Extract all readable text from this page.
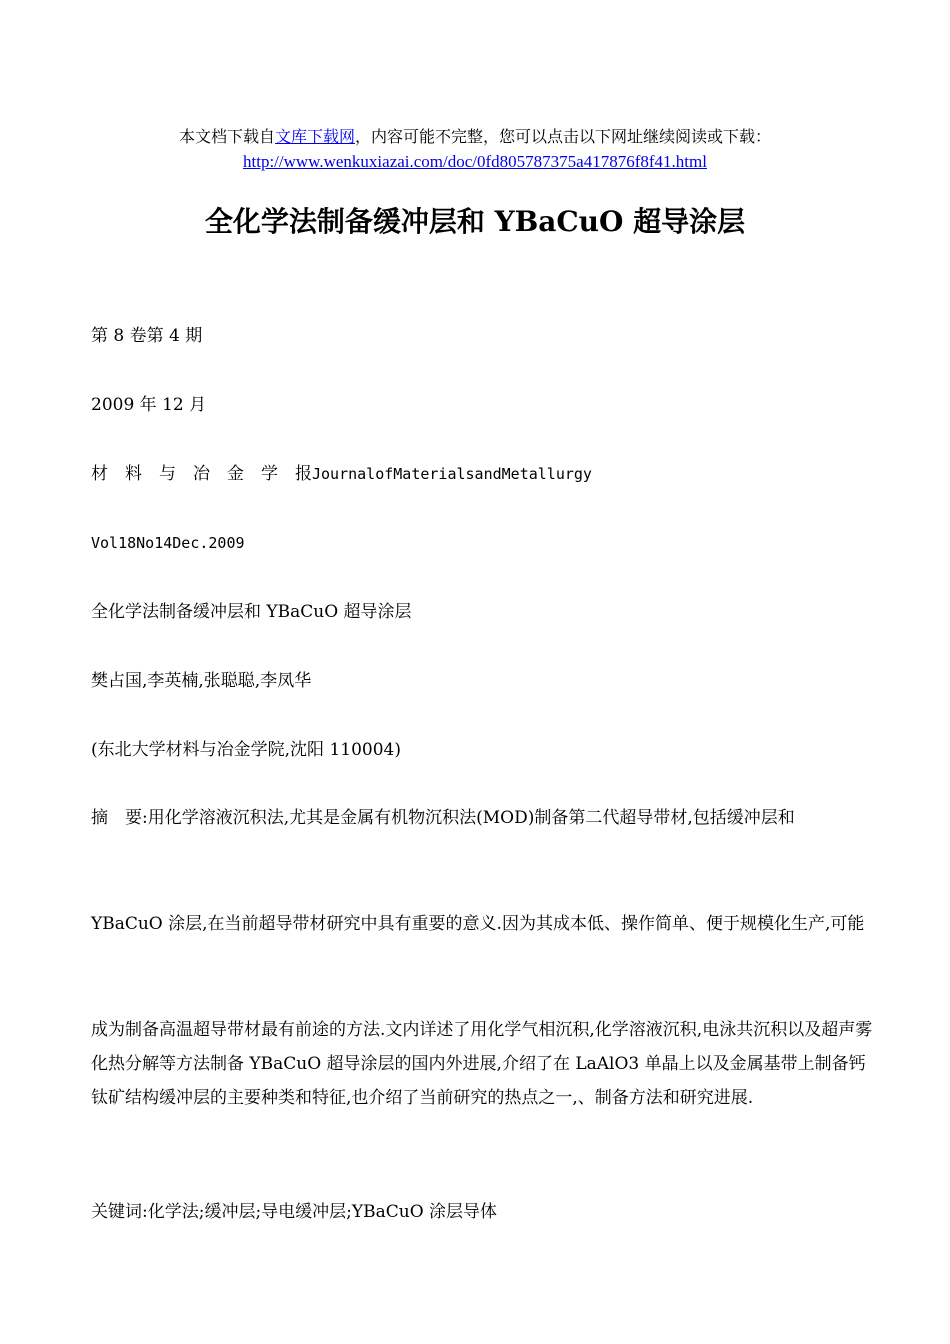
本文档下载自文库下载网，内容可能不完整，您可以点击以下网址继续阅读或下载：
http://www.wenkuxiazai.com/doc/0fd805787375a417876f8f41.html
全化学法制备缓冲层和 YBaCuO 超导涂层

第 8 卷第 4 期

2009 年 12 月

材　料　与　冶　金　学　报JournalofMaterialsandMetallurgy

Vol18No14Dec.2009

全化学法制备缓冲层和 YBaCuO 超导涂层

樊占国,李英楠,张聪聪,李凤华

(东北大学材料与冶金学院,沈阳 110004)

摘　要:用化学溶液沉积法,尤其是金属有机物沉积法(MOD)制备第二代超导带材,包括缓冲层和

YBaCuO 涂层,在当前超导带材研究中具有重要的意义.因为其成本低、操作简单、便于规模化生产,可能

成为制备高温超导带材最有前途的方法.文内详述了用化学气相沉积,化学溶液沉积,电泳共沉积以及超声雾化热分解等方法制备 YBaCuO 超导涂层的国内外进展,介绍了在 LaAlO3 单晶上以及金属基带上制备钙钛矿结构缓冲层的主要种类和特征,也介绍了当前研究的热点之一,、制备方法和研究进展.

关键词:化学法;缓冲层;导电缓冲层;YBaCuO 涂层导体
